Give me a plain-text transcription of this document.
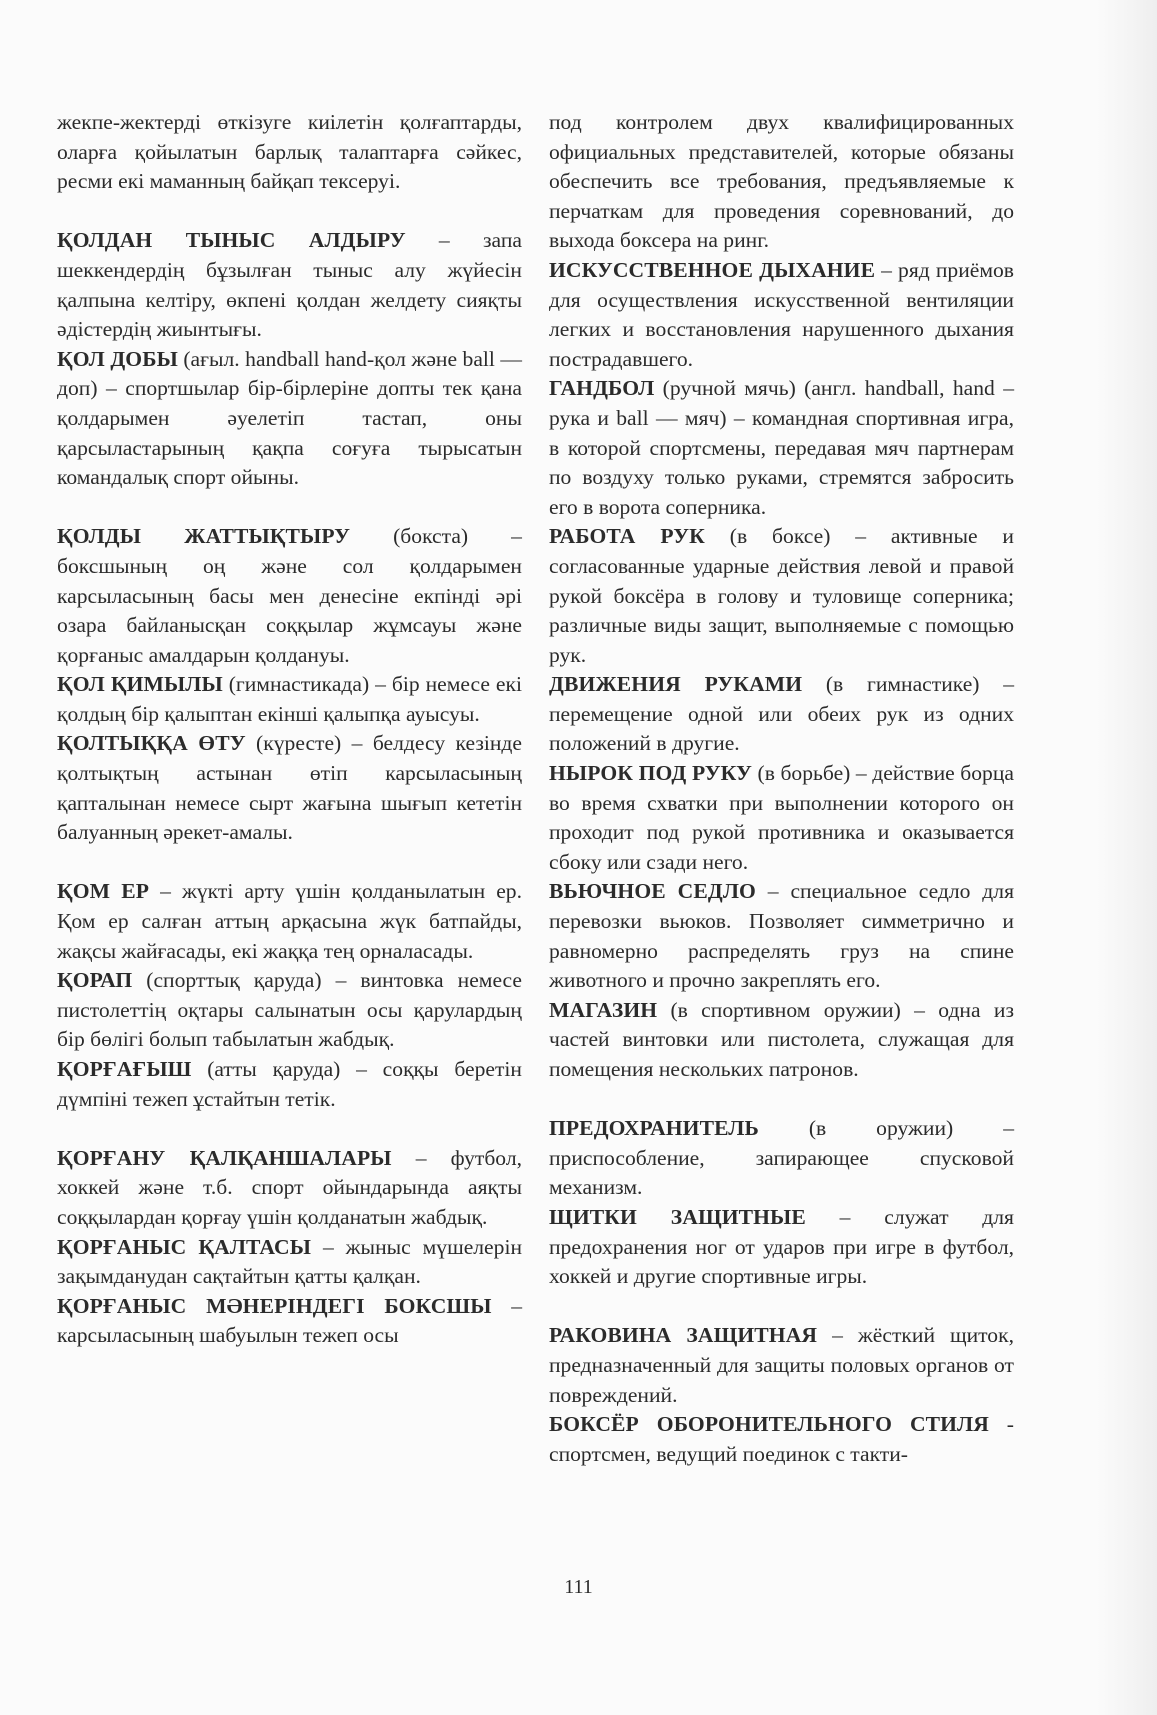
жекпе-жектерді өткізуге киілетін қолғаптарды, оларға қойылатын барлық талаптарға сәйкес, ресми екі маманның байқап тексеруі.

ҚОЛДАН ТЫНЫС АЛДЫРУ – запа шеккендердің бұзылған тыныс алу жүйесін қалпына келтіру, өкпені қолдан желдету сияқты әдістердің жиынтығы.

ҚОЛ ДОБЫ (ағыл. handball hand-қол және ball — доп) – спортшылар бір-бірлеріне допты тек қана қолдарымен әуелетіп тастап, оны қарсыластарының қақпа соғуға тырысатын командалық спорт ойыны.

ҚОЛДЫ ЖАТТЫҚТЫРУ (бокста) – боксшының оң және сол қолдарымен карсыласының басы мен денесіне екпінді әрі озара байланысқан соққылар жұмсауы және қорғаныс амалдарын қолдануы.

ҚОЛ ҚИМЫЛЫ (гимнастикада) – бір немесе екі қолдың бір қалыптан екінші қалыпқа ауысуы.

ҚОЛТЫҚҚА ӨТУ (күресте) – белдесу кезінде қолтықтың астынан өтіп карсыласының қапталынан немесе сырт жағына шығып кететін балуанның әрекет-амалы.

ҚОМ ЕР – жүкті арту үшін қолданылатын ер. Қом ер салған аттың арқасына жүк батпайды, жақсы жайғасады, екі жаққа тең орналасады.

ҚОРАП (спорттық қаруда) – винтовка немесе пистолеттің оқтары салынатын осы қарулардың бір бөлігі болып табылатын жабдық.

ҚОРҒАҒЫШ (атты қаруда) – соққы беретін дүмпіні тежеп ұстайтын тетік.

ҚОРҒАНУ ҚАЛҚАНШАЛАРЫ – футбол, хоккей және т.б. спорт ойындарында аяқты соққылардан қорғау үшін қолданатын жабдық.

ҚОРҒАНЫС ҚАЛТАСЫ – жыныс мүшелерін зақымданудан сақтайтын қатты қалқан.

ҚОРҒАНЫС МӘНЕРІНДЕГІ БОКСШЫ – карсыласының шабуылын тежеп осы

под контролем двух квалифицированных официальных представителей, которые обязаны обеспечить все требования, предъявляемые к перчаткам для проведения соревнований, до выхода боксера на ринг.

ИСКУССТВЕННОЕ ДЫХАНИЕ – ряд приёмов для осуществления искусственной вентиляции легких и восстановления нарушенного дыхания пострадавшего.

ГАНДБОЛ (ручной мячь) (англ. handball, hand – рука и ball — мяч) – командная спортивная игра, в которой спортсмены, передавая мяч партнерам по воздуху только руками, стремятся забросить его в ворота соперника.

РАБОТА РУК (в боксе) – активные и согласованные ударные действия левой и правой рукой боксёра в голову и туловище соперника; различные виды защит, выполняемые с помощью рук.

ДВИЖЕНИЯ РУКАМИ (в гимнастике) – перемещение одной или обеих рук из одних положений в другие.

НЫРОК ПОД РУКУ (в борьбе) – действие борца во время схватки при выполнении которого он проходит под рукой противника и оказывается сбоку или сзади него.

ВЬЮЧНОЕ СЕДЛО – специальное седло для перевозки вьюков. Позволяет симметрично и равномерно распределять груз на спине животного и прочно закреплять его.

МАГАЗИН (в спортивном оружии) – одна из частей винтовки или пистолета, служащая для помещения нескольких патронов.

ПРЕДОХРАНИТЕЛЬ (в оружии) – приспособление, запирающее спусковой механизм.

ЩИТКИ ЗАЩИТНЫЕ – служат для предохранения ног от ударов при игре в футбол, хоккей и другие спортивные игры.

РАКОВИНА ЗАЩИТНАЯ – жёсткий щиток, предназначенный для защиты половых органов от повреждений.

БОКСЁР ОБОРОНИТЕЛЬНОГО СТИЛЯ - спортсмен, ведущий поединок с такти-

111
